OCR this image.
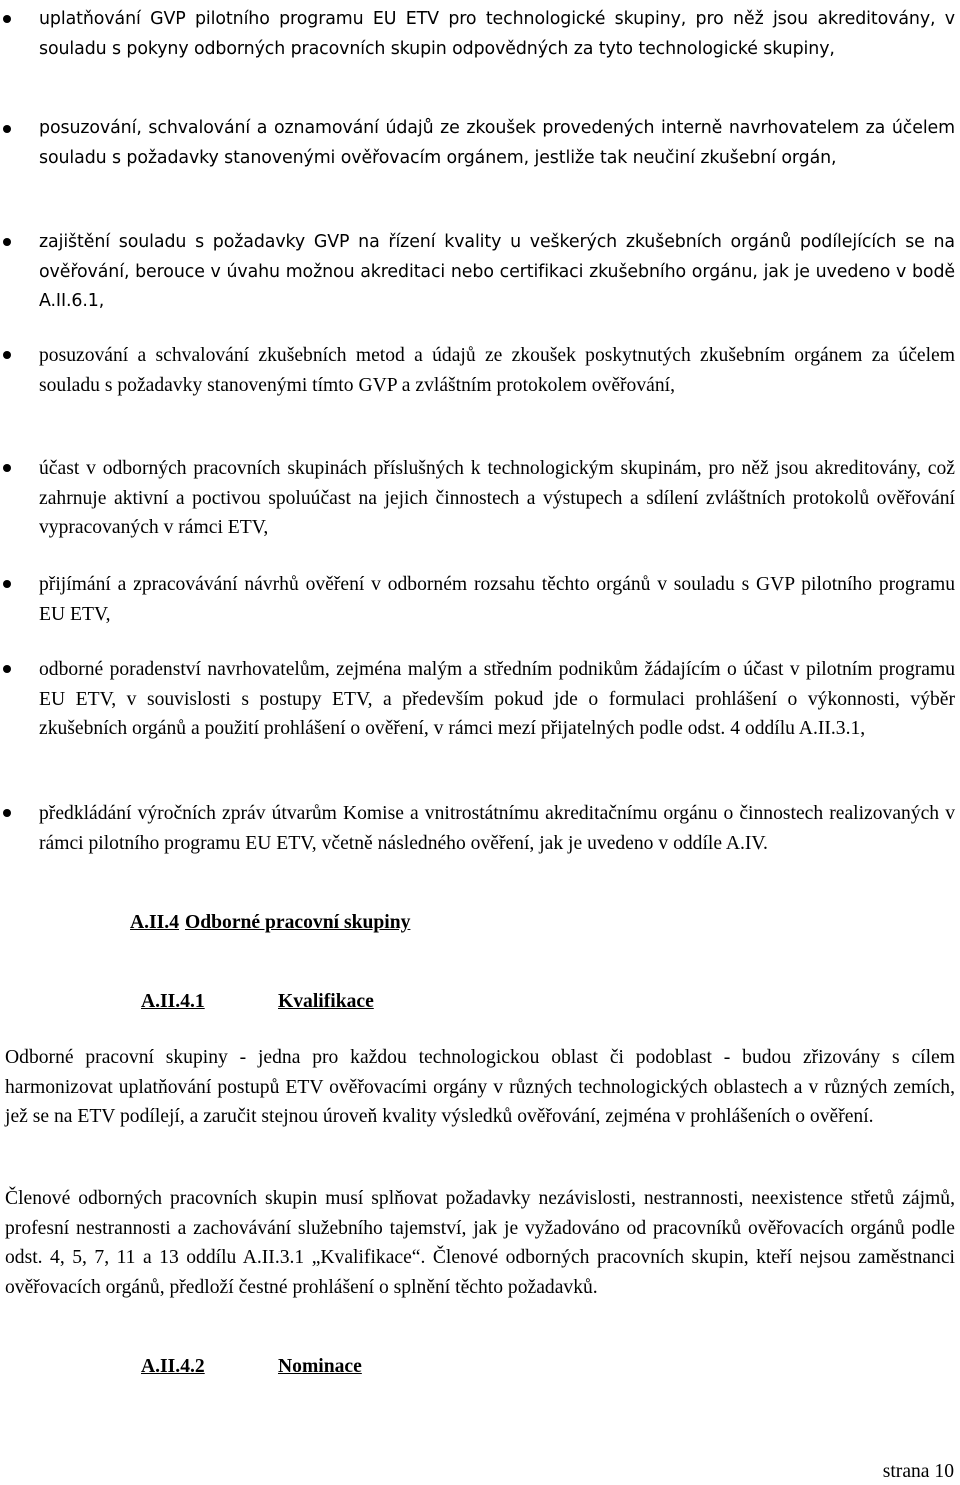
uplatňování GVP pilotního programu EU ETV pro technologické skupiny, pro něž jsou akreditovány, v souladu s pokyny odborných pracovních skupin odpovědných za tyto technologické skupiny,

posuzování, schvalování a oznamování údajů ze zkoušek provedených interně navrhovatelem za účelem souladu s požadavky stanovenými ověřovacím orgánem, jestliže tak neučiní zkušební orgán,

zajištění souladu s požadavky GVP na řízení kvality u veškerých zkušebních orgánů podílejících se na ověřování, berouce v úvahu možnou akreditaci nebo certifikaci zkušebního orgánu, jak je uvedeno v bodě A.II.6.1,

posuzování a schvalování zkušebních metod a údajů ze zkoušek poskytnutých zkušebním orgánem za účelem souladu s požadavky stanovenými tímto GVP a zvláštním protokolem ověřování,

účast v odborných pracovních skupinách příslušných k technologickým skupinám, pro něž jsou akreditovány, což zahrnuje aktivní a poctivou spoluúčast na jejich činnostech a výstupech a sdílení zvláštních protokolů ověřování vypracovaných v rámci ETV,

přijímání a zpracovávání návrhů ověření v odborném rozsahu těchto orgánů v souladu s GVP pilotního programu EU ETV,

odborné poradenství navrhovatelům, zejména malým a středním podnikům žádajícím o účast v pilotním programu EU ETV, v souvislosti s postupy ETV, a především pokud jde o formulaci prohlášení o výkonnosti, výběr zkušebních orgánů a použití prohlášení o ověření, v rámci mezí přijatelných podle odst. 4 oddílu A.II.3.1,

předkládání výročních zpráv útvarům Komise a vnitrostátnímu akreditačnímu orgánu o činnostech realizovaných v rámci pilotního programu EU ETV, včetně následného ověření, jak je uvedeno v oddíle A.IV.

A.II.4 Odborné pracovní skupiny
A.II.4.1	Kvalifikace

Odborné pracovní skupiny - jedna pro každou technologickou oblast či podoblast - budou zřizovány s cílem harmonizovat uplatňování postupů ETV ověřovacími orgány v různých technologických oblastech a v různých zemích, jež se na ETV podílejí, a zaručit stejnou úroveň kvality výsledků ověřování, zejména v prohlášeních o ověření.

Členové odborných pracovních skupin musí splňovat požadavky nezávislosti, nestrannosti, neexistence střetů zájmů, profesní nestrannosti a zachovávání služebního tajemství, jak je vyžadováno od pracovníků ověřovacích orgánů podle odst. 4, 5, 7, 11 a 13 oddílu A.II.3.1 „Kvalifikace“. Členové odborných pracovních skupin, kteří nejsou zaměstnanci ověřovacích orgánů, předloží čestné prohlášení o splnění těchto požadavků.

A.II.4.2	Nominace

strana 10
